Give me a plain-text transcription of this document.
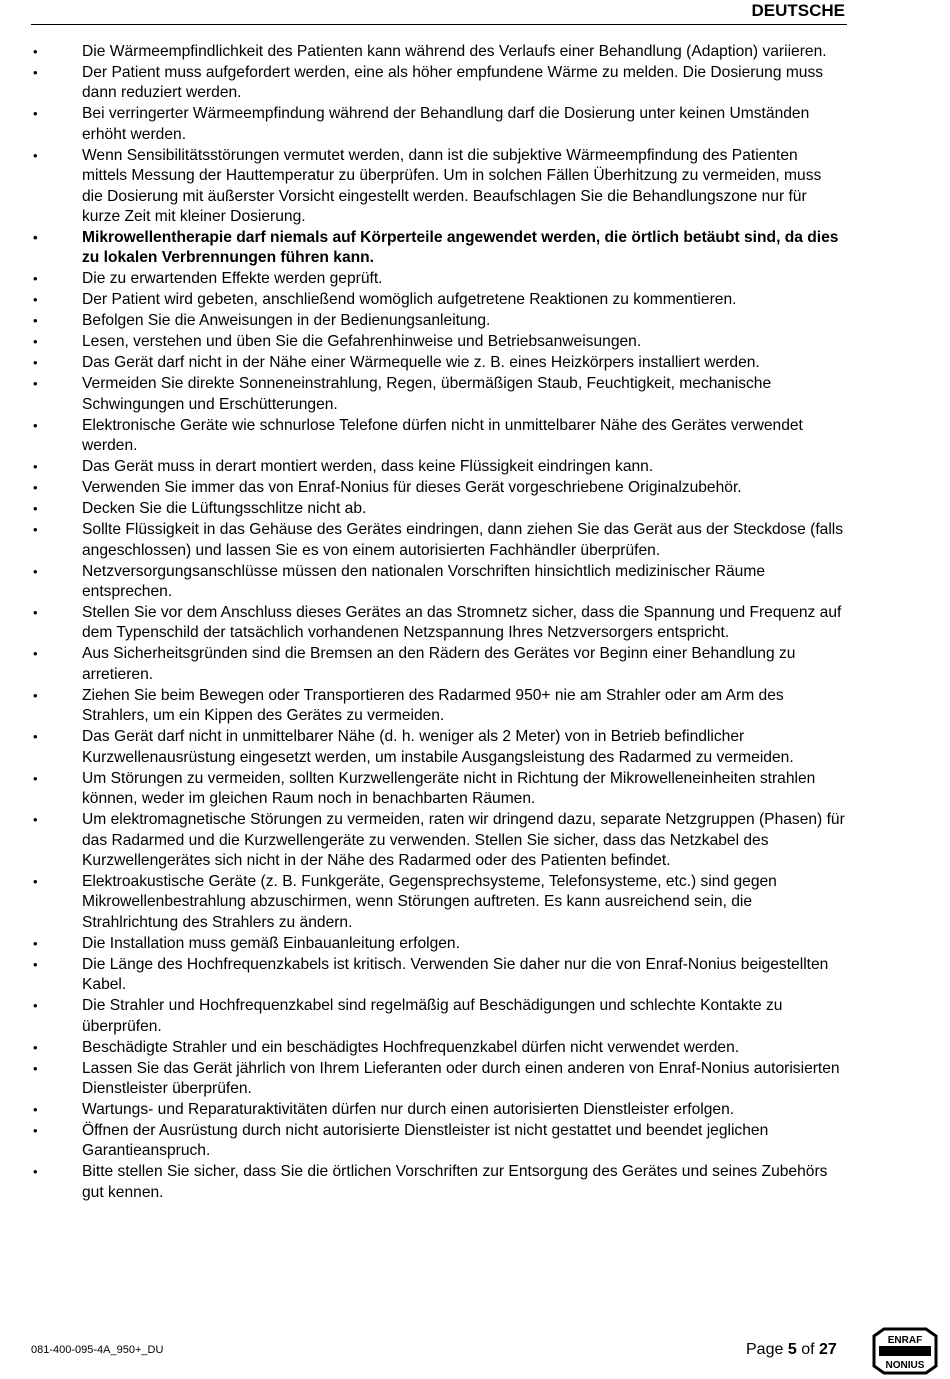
DEUTSCHE
•	Die Wärmeempfindlichkeit des Patienten kann während des Verlaufs einer Behandlung (Adaption) variieren.
•	Der Patient muss aufgefordert werden, eine als höher empfundene Wärme zu melden. Die Dosierung muss dann reduziert werden.
•	Bei verringerter Wärmeempfindung während der Behandlung darf die Dosierung unter keinen Umständen erhöht werden.
•	Wenn Sensibilitätsstörungen vermutet werden, dann ist die subjektive Wärmeempfindung des Patienten mittels Messung der Hauttemperatur zu überprüfen. Um in solchen Fällen Überhitzung zu vermeiden, muss die Dosierung mit äußerster Vorsicht eingestellt werden. Beaufschlagen Sie die Behandlungszone nur für kurze Zeit mit kleiner Dosierung.
•	Mikrowellentherapie darf niemals auf Körperteile angewendet werden, die örtlich betäubt sind, da dies zu lokalen Verbrennungen führen kann.
•	Die zu erwartenden Effekte werden geprüft.
•	Der Patient wird gebeten, anschließend womöglich aufgetretene Reaktionen zu kommentieren.
•	Befolgen Sie die Anweisungen in der Bedienungsanleitung.
•	Lesen, verstehen und üben Sie die Gefahrenhinweise und Betriebsanweisungen.
•	Das Gerät darf nicht in der Nähe einer Wärmequelle wie z. B. eines Heizkörpers installiert werden.
•	Vermeiden Sie direkte Sonneneinstrahlung, Regen, übermäßigen Staub, Feuchtigkeit, mechanische Schwingungen und Erschütterungen.
•	Elektronische Geräte wie schnurlose Telefone dürfen nicht in unmittelbarer Nähe des Gerätes verwendet werden.
•	Das Gerät muss in derart montiert werden, dass keine Flüssigkeit eindringen kann.
•	Verwenden Sie immer das von Enraf-Nonius für dieses Gerät vorgeschriebene Originalzubehör.
•	Decken Sie die Lüftungsschlitze nicht ab.
•	Sollte Flüssigkeit in das Gehäuse des Gerätes eindringen, dann ziehen Sie das Gerät aus der Steckdose (falls angeschlossen) und lassen Sie es von einem autorisierten Fachhändler überprüfen.
•	Netzversorgungsanschlüsse müssen den nationalen Vorschriften hinsichtlich medizinischer Räume entsprechen.
•	Stellen Sie vor dem Anschluss dieses Gerätes an das Stromnetz sicher, dass die Spannung und Frequenz auf dem Typenschild der tatsächlich vorhandenen Netzspannung Ihres Netzversorgers entspricht.
•	Aus Sicherheitsgründen sind die Bremsen an den Rädern des Gerätes vor Beginn einer Behandlung zu arretieren.
•	Ziehen Sie beim Bewegen oder Transportieren des Radarmed 950+ nie am Strahler oder am Arm des Strahlers, um ein Kippen des Gerätes zu vermeiden.
•	Das Gerät darf nicht in unmittelbarer Nähe (d. h. weniger als 2 Meter) von in Betrieb befindlicher Kurzwellenausrüstung eingesetzt werden, um instabile Ausgangsleistung des Radarmed zu vermeiden.
•	Um Störungen zu vermeiden, sollten Kurzwellengeräte nicht in Richtung der Mikrowelleneinheiten strahlen können, weder im gleichen Raum noch in benachbarten Räumen.
•	Um elektromagnetische Störungen zu vermeiden, raten wir dringend dazu, separate Netzgruppen (Phasen) für das Radarmed und die Kurzwellengeräte zu verwenden. Stellen Sie sicher, dass das Netzkabel des Kurzwellengerätes sich nicht in der Nähe des Radarmed oder des Patienten befindet.
•	Elektroakustische Geräte (z. B. Funkgeräte, Gegensprechsysteme, Telefonsysteme, etc.) sind gegen Mikrowellenbestrahlung abzuschirmen, wenn Störungen auftreten. Es kann ausreichend sein, die Strahlrichtung des Strahlers zu ändern.
•	Die Installation muss gemäß Einbauanleitung erfolgen.
•	Die Länge des Hochfrequenzkabels ist kritisch. Verwenden Sie daher nur die von Enraf-Nonius beigestellten Kabel.
•	Die Strahler und Hochfrequenzkabel sind regelmäßig auf Beschädigungen und schlechte Kontakte zu überprüfen.
•	Beschädigte Strahler und ein beschädigtes Hochfrequenzkabel dürfen nicht verwendet werden.
•	Lassen Sie das Gerät jährlich von Ihrem Lieferanten oder durch einen anderen von Enraf-Nonius autorisierten Dienstleister überprüfen.
•	Wartungs- und Reparaturaktivitäten dürfen nur durch einen autorisierten Dienstleister erfolgen.
•	Öffnen der Ausrüstung durch nicht autorisierte Dienstleister ist nicht gestattet und beendet jeglichen Garantieanspruch.
•	Bitte stellen Sie sicher, dass Sie die örtlichen Vorschriften zur Entsorgung des Gerätes und seines Zubehörs gut kennen.
081-400-095-4A_950+_DU	Page 5 of 27
ENRAF
NONIUS
